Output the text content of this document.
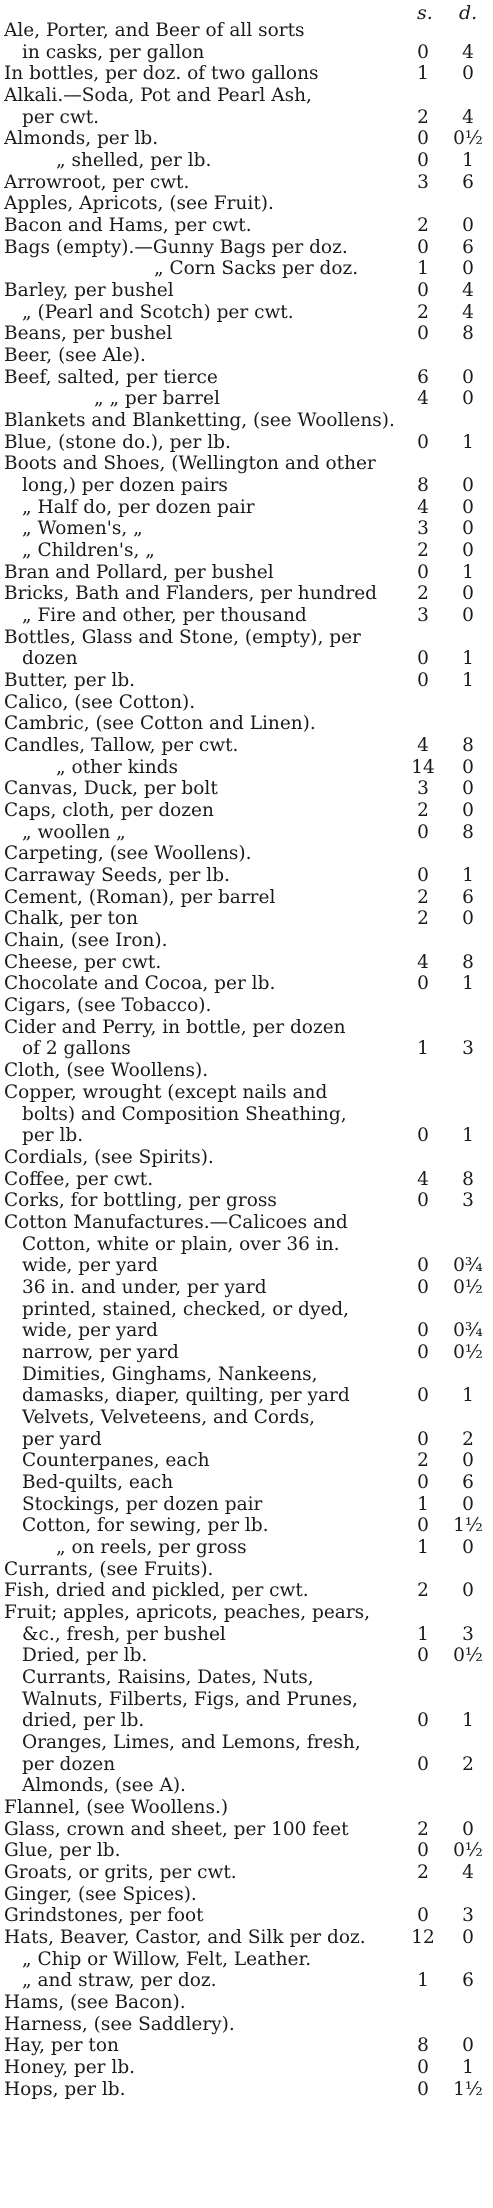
s. d.
Ale, Porter, and Beer of all sorts
in casks, per gallon	0	4
In bottles, per doz. of two gallons	1	0
Alkali.—Soda, Pot and Pearl Ash,
per cwt.	2	4
Almonds, per lb.	0	0½
„ shelled, per lb.	0	1
Arrowroot, per cwt.	3	6
Apples, Apricots, (see Fruit).
Bacon and Hams, per cwt.	2	0
Bags (empty).—Gunny Bags per doz.	0	6
„ Corn Sacks per doz.	1	0
Barley, per bushel	0	4
„ (Pearl and Scotch) per cwt.	2	4
Beans, per bushel	0	8
Beer, (see Ale).
Beef, salted, per tierce	6	0
„ „ per barrel	4	0
Blankets and Blanketting, (see Woollens).
Blue, (stone do.), per lb.	0	1
Boots and Shoes, (Wellington and other
long,) per dozen pairs	8	0
„ Half do, per dozen pair	4	0
„ Women's, „	3	0
„ Children's, „	2	0
Bran and Pollard, per bushel	0	1
Bricks, Bath and Flanders, per hundred	2	0
„ Fire and other, per thousand	3	0
Bottles, Glass and Stone, (empty), per
dozen	0	1
Butter, per lb.	0	1
Calico, (see Cotton).
Cambric, (see Cotton and Linen).
Candles, Tallow, per cwt.	4	8
„ other kinds	14	0
Canvas, Duck, per bolt	3	0
Caps, cloth, per dozen	2	0
„ woollen „	0	8
Carpeting, (see Woollens).
Carraway Seeds, per lb.	0	1
Cement, (Roman), per barrel	2	6
Chalk, per ton	2	0
Chain, (see Iron).
Cheese, per cwt.	4	8
Chocolate and Cocoa, per lb.	0	1
Cigars, (see Tobacco).
Cider and Perry, in bottle, per dozen
of 2 gallons	1	3
Cloth, (see Woollens).
Copper, wrought (except nails and
bolts) and Composition Sheathing,
per lb.	0	1
Cordials, (see Spirits).
Coffee, per cwt.	4	8
Corks, for bottling, per gross	0	3
Cotton Manufactures.—Calicoes and
Cotton, white or plain, over 36 in.
wide, per yard	0	0¾
36 in. and under, per yard	0	0½
printed, stained, checked, or dyed,
wide, per yard	0	0¾
narrow, per yard	0	0½
Dimities, Ginghams, Nankeens,
damasks, diaper, quilting, per yard	0	1
Velvets, Velveteens, and Cords,
per yard	0	2
Counterpanes, each	2	0
Bed-quilts, each	0	6
Stockings, per dozen pair	1	0
Cotton, for sewing, per lb.	0	1½
„ on reels, per gross	1	0
Currants, (see Fruits).
Fish, dried and pickled, per cwt.	2	0
Fruit; apples, apricots, peaches, pears,
&c., fresh, per bushel	1	3
Dried, per lb.	0	0½
Currants, Raisins, Dates, Nuts,
Walnuts, Filberts, Figs, and Prunes,
dried, per lb.	0	1
Oranges, Limes, and Lemons, fresh,
per dozen	0	2
Almonds, (see A).
Flannel, (see Woollens.)
Glass, crown and sheet, per 100 feet	2	0
Glue, per lb.	0	0½
Groats, or grits, per cwt.	2	4
Ginger, (see Spices).
Grindstones, per foot	0	3
Hats, Beaver, Castor, and Silk per doz.	12	0
„ Chip or Willow, Felt, Leather.
„ and straw, per doz.	1	6
Hams, (see Bacon).
Harness, (see Saddlery).
Hay, per ton	8	0
Honey, per lb.	0	1
Hops, per lb.	0	1½
